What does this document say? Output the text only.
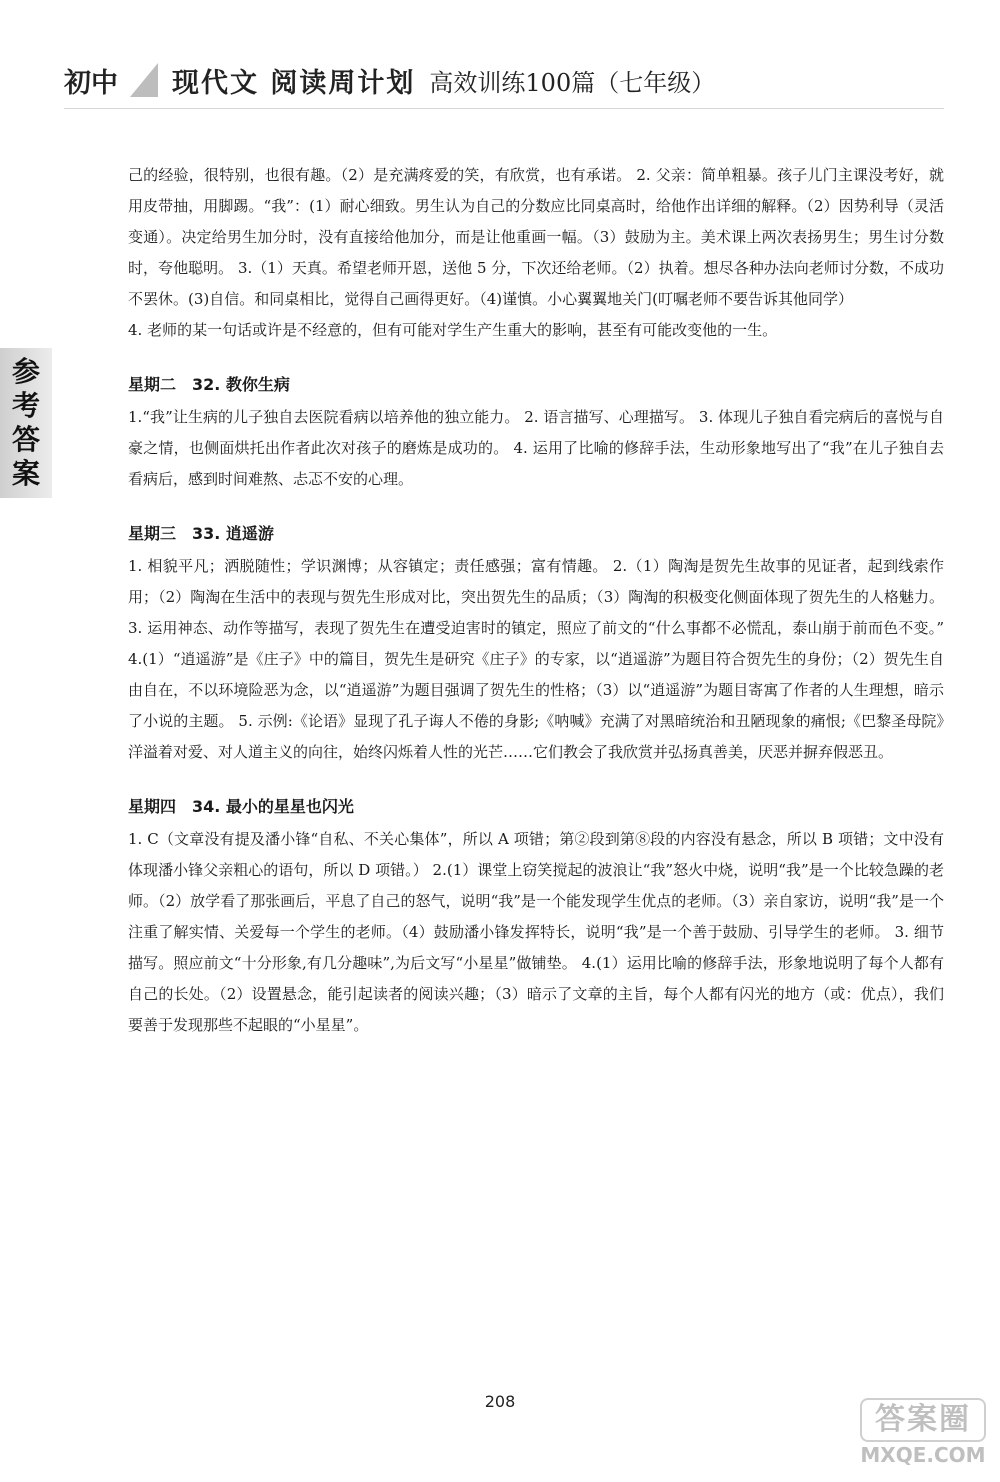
初中 现代文 阅读周计划 高效训练100篇（七年级）
参
考
答
案

己的经验，很特别，也很有趣。（2）是充满疼爱的笑，有欣赏，也有承诺。 2. 父亲：简单粗暴。孩子儿门主课没考好，就用皮带抽，用脚踢。“我”：(1）耐心细致。男生认为自己的分数应比同桌高时，给他作出详细的解释。（2）因势利导（灵活变通）。决定给男生加分时，没有直接给他加分，而是让他重画一幅。（3）鼓励为主。美术课上两次表扬男生；男生讨分数时，夸他聪明。 3.（1）天真。希望老师开恩，送他 5 分，下次还给老师。（2）执着。想尽各种办法向老师讨分数，不成功不罢休。(3)自信。和同桌相比，觉得自己画得更好。（4)谨慎。小心翼翼地关门(叮嘱老师不要告诉其他同学）

4. 老师的某一句话或许是不经意的，但有可能对学生产生重大的影响，甚至有可能改变他的一生。

星期二　32. 教你生病

1.“我”让生病的儿子独自去医院看病以培养他的独立能力。 2. 语言描写、心理描写。 3. 体现儿子独自看完病后的喜悦与自豪之情，也侧面烘托出作者此次对孩子的磨炼是成功的。 4. 运用了比喻的修辞手法，生动形象地写出了“我”在儿子独自去看病后，感到时间难熬、忐忑不安的心理。

星期三　33. 逍遥游

1. 相貌平凡；洒脱随性；学识渊博；从容镇定；责任感强；富有情趣。 2.（1）陶淘是贺先生故事的见证者，起到线索作用；（2）陶淘在生活中的表现与贺先生形成对比，突出贺先生的品质；（3）陶淘的积极变化侧面体现了贺先生的人格魅力。 3. 运用神态、动作等描写，表现了贺先生在遭受迫害时的镇定，照应了前文的“什么事都不必慌乱，泰山崩于前而色不变。” 4.(1）“逍遥游”是《庄子》中的篇目，贺先生是研究《庄子》的专家，以“逍遥游”为题目符合贺先生的身份；（2）贺先生自由自在，不以环境险恶为念，以“逍遥游”为题目强调了贺先生的性格；（3）以“逍遥游”为题目寄寓了作者的人生理想，暗示了小说的主题。 5. 示例:《论语》显现了孔子诲人不倦的身影;《呐喊》充满了对黑暗统治和丑陋现象的痛恨;《巴黎圣母院》洋溢着对爱、对人道主义的向往，始终闪烁着人性的光芒……它们教会了我欣赏并弘扬真善美，厌恶并摒弃假恶丑。

星期四　34. 最小的星星也闪光

1. C（文章没有提及潘小锋“自私、不关心集体”，所以 A 项错；第②段到第⑧段的内容没有悬念，所以 B 项错；文中没有体现潘小锋父亲粗心的语句，所以 D 项错。） 2.(1）课堂上窃笑搅起的波浪让“我”怒火中烧，说明“我”是一个比较急躁的老师。（2）放学看了那张画后，平息了自己的怒气，说明“我”是一个能发现学生优点的老师。（3）亲自家访，说明“我”是一个注重了解实情、关爱每一个学生的老师。（4）鼓励潘小锋发挥特长，说明“我”是一个善于鼓励、引导学生的老师。 3. 细节描写。照应前文“十分形象,有几分趣味”,为后文写“小星星”做铺垫。 4.(1）运用比喻的修辞手法，形象地说明了每个人都有自己的长处。（2）设置悬念，能引起读者的阅读兴趣；（3）暗示了文章的主旨，每个人都有闪光的地方（或：优点），我们要善于发现那些不起眼的“小星星”。

208
答案圈
MXQE.COM
